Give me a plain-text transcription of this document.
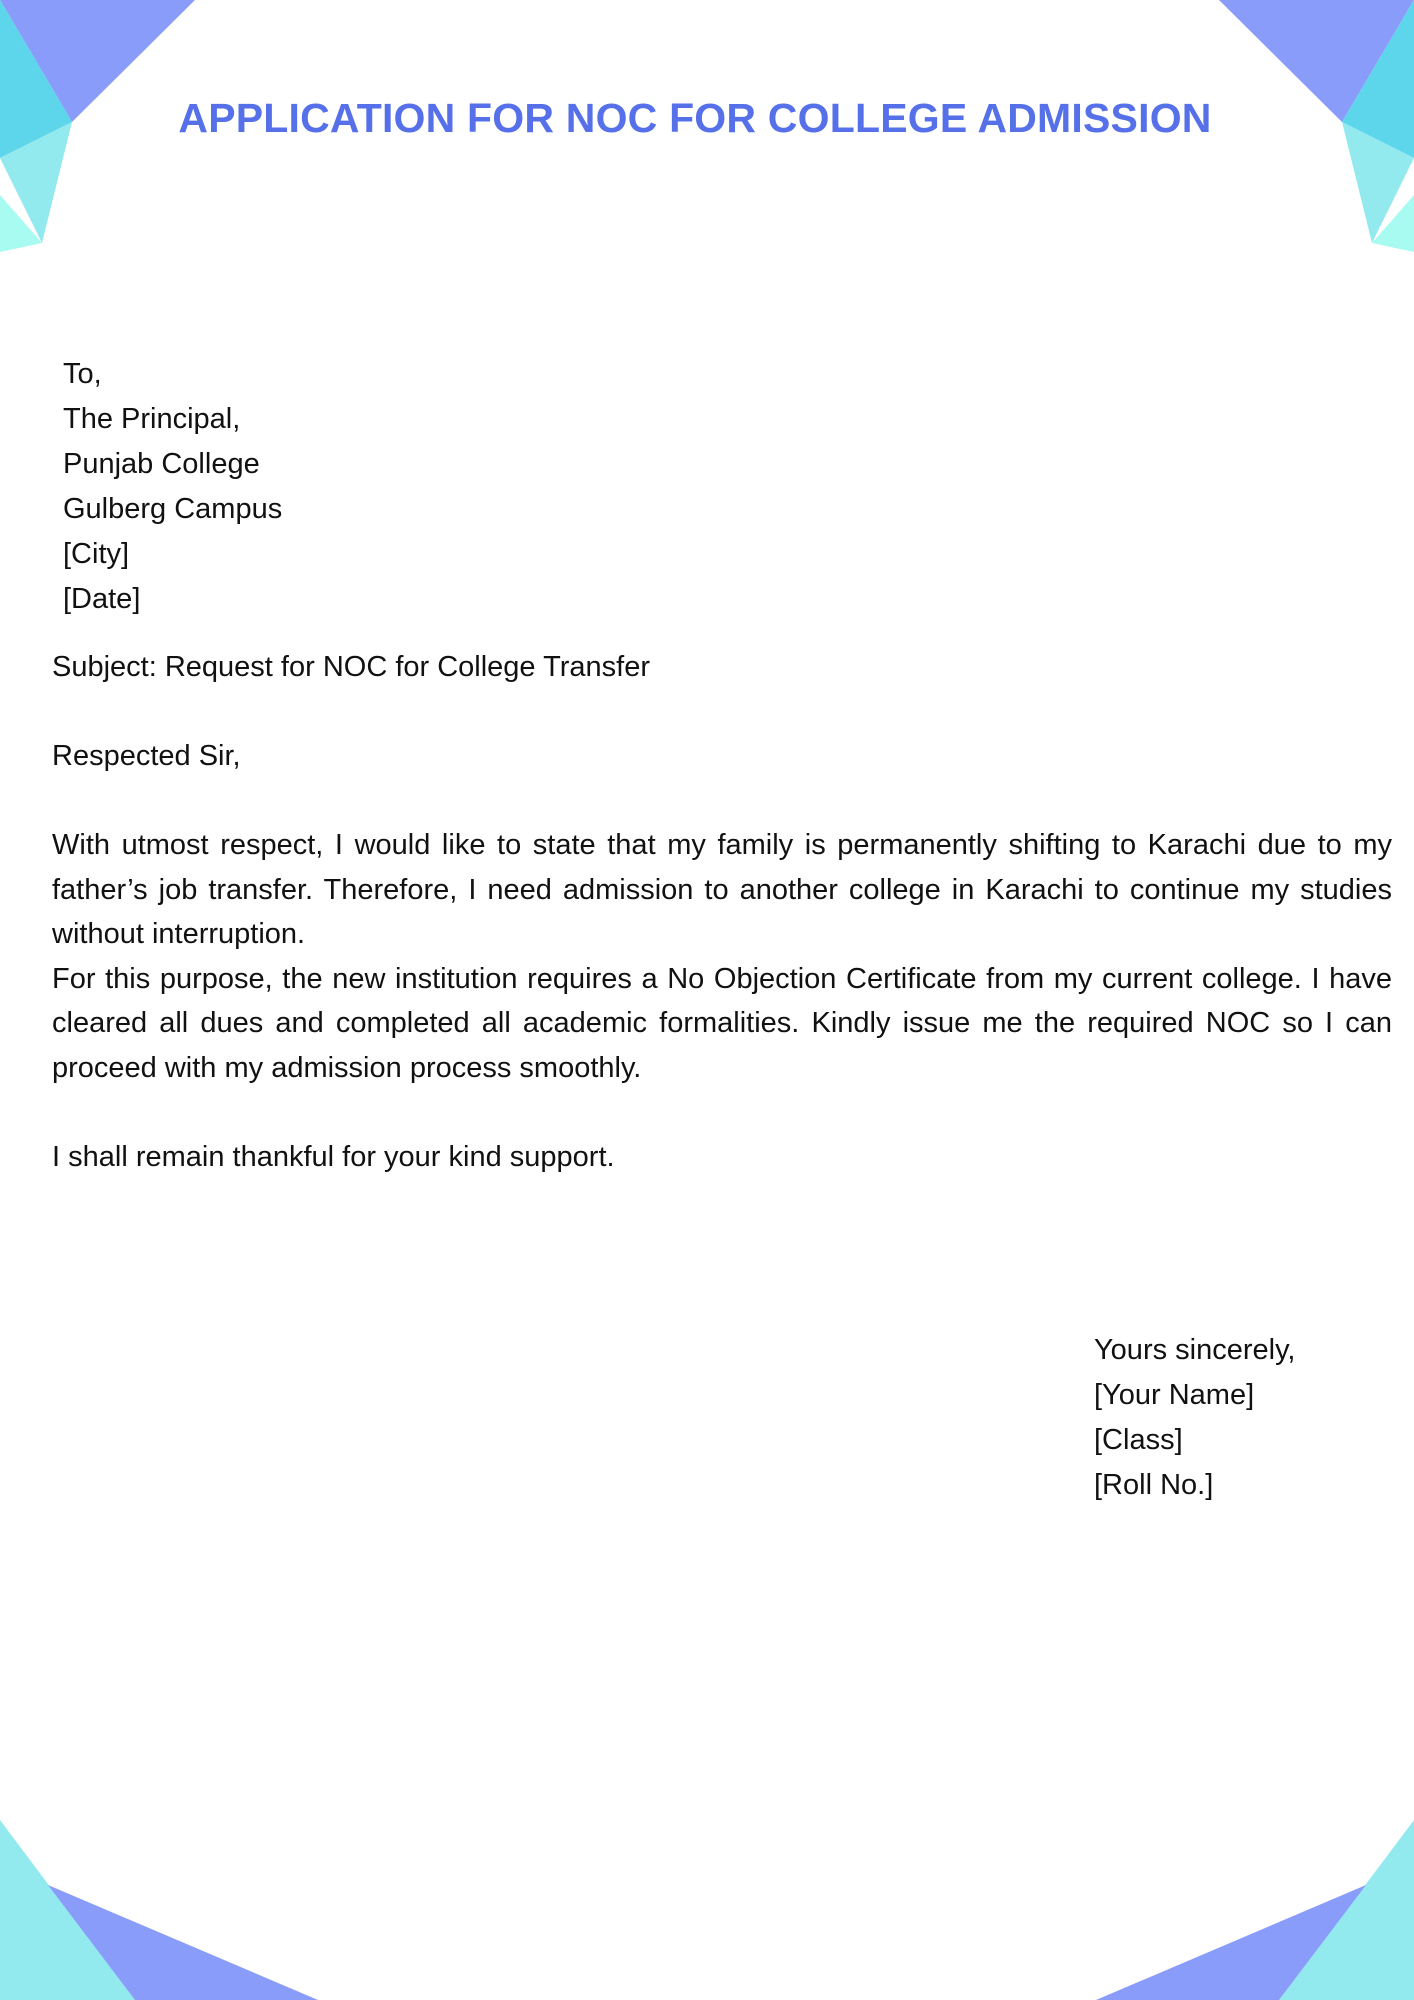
APPLICATION FOR NOC FOR COLLEGE ADMISSION
To,
The Principal,
Punjab College
Gulberg Campus
[City]
[Date]
Subject: Request for NOC for College Transfer
Respected Sir,

With utmost respect, I would like to state that my family is permanently shifting to Karachi due to my father’s job transfer. Therefore, I need admission to another college in Karachi to continue my studies without interruption.

For this purpose, the new institution requires a No Objection Certificate from my current college. I have cleared all dues and completed all academic formalities. Kindly issue me the required NOC so I can proceed with my admission process smoothly.

I shall remain thankful for your kind support.
Yours sincerely,
[Your Name]
[Class]
[Roll No.]
